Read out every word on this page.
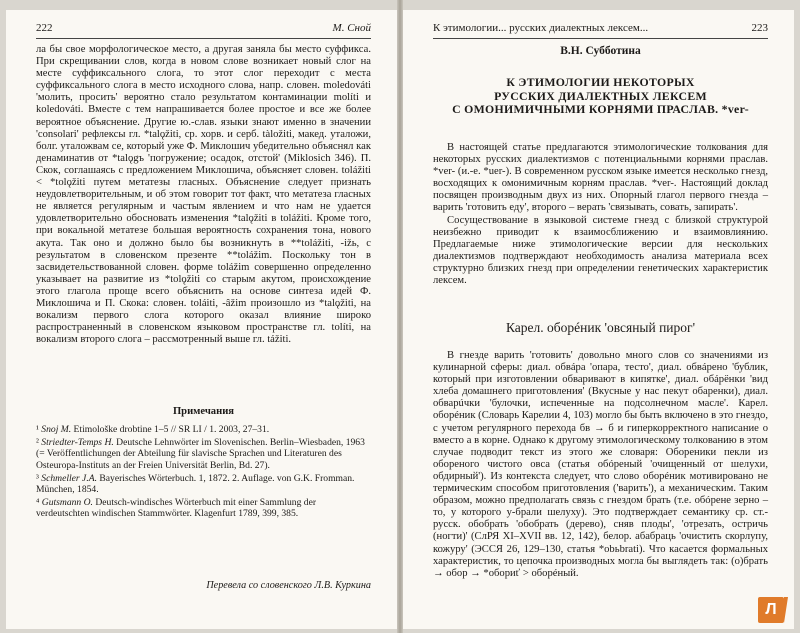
222	М. Сной

ла бы свое морфологическое место, а другая заняла бы место суффикса. При скрещивании слов, когда в новом слове возникает новый слог на месте суффиксального слога, то этот слог переходит с места суффиксального слога в место исходного слова, напр. словен. moledováti 'молить, просить' вероятно стало результатом контаминации molíti и koledováti. Вместе с тем напрашивается более простое и все же более вероятное объяснение. Другие ю.-слав. языки знают именно в значении 'consolari' рефлексы гл. *talǫžiti, ср. хорв. и серб. tàložiti, макед. уталожи, болг. уталожвам се, который уже Ф. Миклошич убедительно объяснял как денаминатив от *talǫgъ 'погружение; осадок, отстой' (Miklosich 346). П. Скок, соглашаясь с предложением Миклошича, объясняет словен. tolážiti < *tolǫžiti путем метатезы гласных. Объяснение следует признать неудовлетворительным, и об этом говорит тот факт, что метатеза гласных не является регулярным и частым явлением и что нам не удается удовлетворительно обосновать изменения *talǫžiti в tolážiti. Кроме того, при вокальной метатезе большая вероятность сохранения тона, нового акута. Так оно и должно было бы возникнуть в **tolážiti, -ižь, с результатом в словенском презенте **tolážim. Поскольку тон в засвидетельствованной словен. форме tolážim совершенно определенно указывает на развитие из *tolǫžiti со старым акутом, происхождение этого глагола проще всего объяснить на основе синтеза идей Ф. Миклошича и П. Скока: словен. toláiti, -âžim произошло из *talǫžiti, на вокализм первого слога которого оказал влияние широко распространенный в словенском языковом пространстве гл. tolíti, на вокализм второго слога – рассмотренный выше гл. tážiti.

Примечания

¹ Snoj M. Etimološke drobtine 1–5 // SR LI / 1. 2003, 27–31.

² Striedter-Temps H. Deutsche Lehnwörter im Slovenischen. Berlin–Wiesbaden, 1963 (= Veröffentlichungen der Abteilung für slavische Sprachen und Literaturen des Osteuropa-Instituts an der Freien Universität Berlin, Bd. 27).

³ Schmeller J.A. Bayerisches Wörterbuch. 1, 1872. 2. Auflage. von G.K. Fromman. München, 1854.

⁴ Gutsmann O. Deutsch-windisches Wörterbuch mit einer Sammlung der verdeutschten windischen Stammwörter. Klagenfurt 1789, 399, 385.

Перевела со словенского Л.В. Куркина
К этимологии... русских диалектных лексем...	223
В.Н. Субботина
К ЭТИМОЛОГИИ НЕКОТОРЫХ
РУССКИХ ДИАЛЕКТНЫХ ЛЕКСЕМ
С ОМОНИМИЧНЫМИ КОРНЯМИ ПРАСЛАВ. *ver-

В настоящей статье предлагаются этимологические толкования для некоторых русских диалектизмов с потенциальными корнями праслав. *ver- (и.-е. *uer-). В современном русском языке имеется несколько гнезд, восходящих к омонимичным корням праслав. *ver-. Настоящий доклад посвящен производным двух из них. Опорный глагол первого гнезда – варить 'готовить еду', второго – верать 'связывать, совать, запирать'.

Сосуществование в языковой системе гнезд с близкой структурой неизбежно приводит к взаимосближению и взаимовлиянию. Предлагаемые ниже этимологические версии для нескольких диалектизмов подтверждают необходимость анализа материала всех структурно близких гнезд при определении генетических характеристик лексем.

Карел. обоpéник 'овсяный пирог'

В гнезде варить 'готовить' довольно много слов со значениями из кулинарной сферы: диал. обвáра 'опара, тесто', диал. обвáрено 'бублик, который при изготовлении обваривают в кипятке', диал. обáрёнки 'вид хлеба домашнего приготовления' (Вкусные у нас пекут обаренки), диал. обварúчки 'булочки, испеченные на подсолнечном масле'. Карел. обоpéник (Словарь Карелии 4, 103) могло бы быть включено в это гнездо, с учетом регулярного перехода бв → б и гиперкорректного написание о вместо а в корне. Однако к другому этимологическому толкованию в этом случае подводит текст из этого же словаря: Обореники пекли из обореного чистого овса (статья обóреный 'очищенный от шелухи, обдирный'). Из контекста следует, что слово обоpéник мотивировано не термическим способом приготовления ('варить'), а механическим. Таким образом, можно предполагать связь с гнездом брать (т.е. обóрене зерно – то, у которого у-брали шелуху). Это подтверждает семантику ср. ст.-русск. обобрать 'обобрать (дерево), сняв плоды', 'отрезать, остричь (ногти)' (СлРЯ XI–XVII вв. 12, 142), белор. абабраць 'очистить скорлупу, кожуру' (ЭССЯ 26, 129–130, статья *obьbrati). Что касается формальных характеристик, то цепочка производных могла бы выглядеть так: (о)брать → обор → *обориť > обоpéный.

Л
